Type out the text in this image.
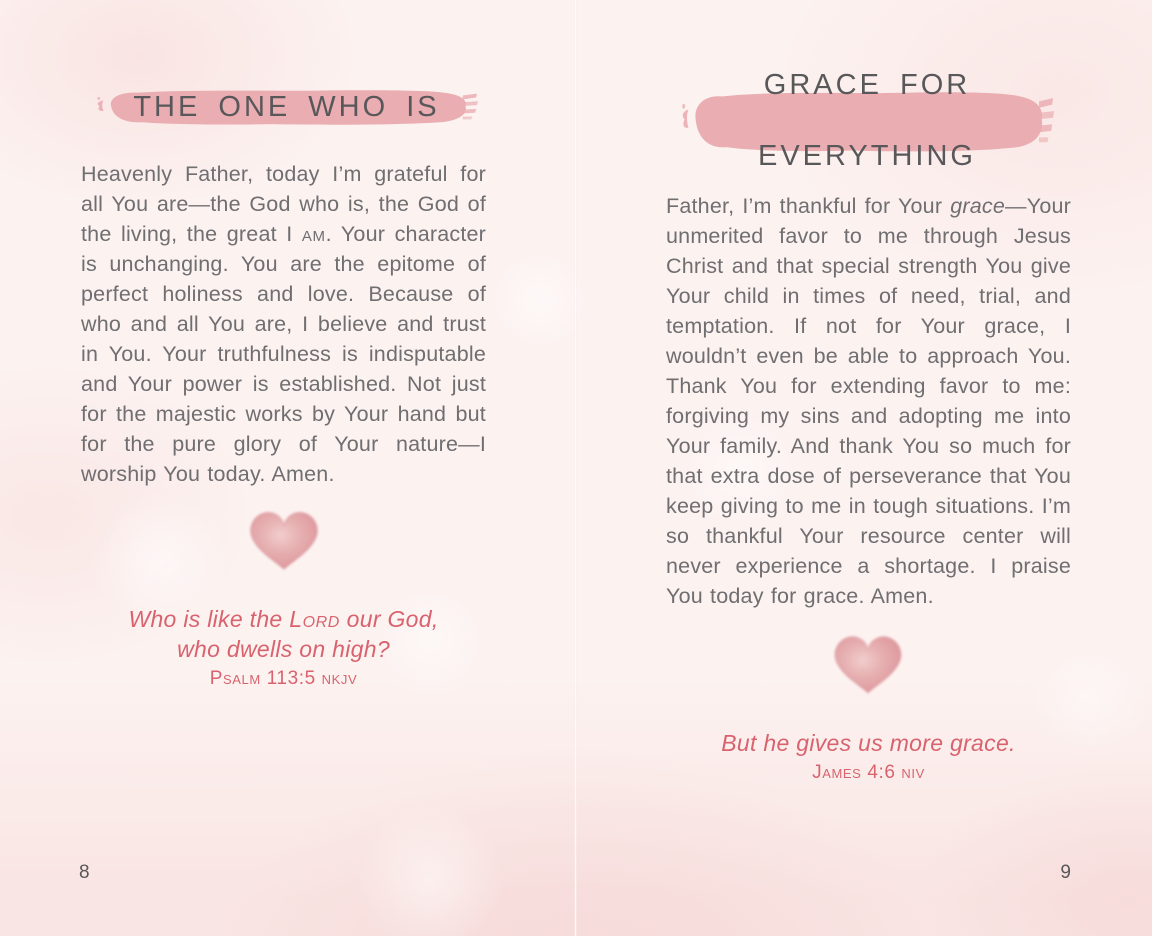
THE ONE WHO IS

Heavenly Father, today I’m grateful for all You are—the God who is, the God of the living, the great I am. Your character is unchanging. You are the epitome of perfect holiness and love. Because of who and all You are, I believe and trust in You. Your truthfulness is indisputable and Your power is established. Not just for the majestic works by Your hand but for the pure glory of Your nature—I worship You today. Amen.

Who is like the Lord our God, who dwells on high?
Psalm 113:5 nkjv
8
GRACE FOR
EVERYTHING

Father, I’m thankful for Your grace—Your unmerited favor to me through Jesus Christ and that special strength You give Your child in times of need, trial, and temptation. If not for Your grace, I wouldn’t even be able to approach You. Thank You for extending favor to me: forgiving my sins and adopting me into Your family. And thank You so much for that extra dose of perseverance that You keep giving to me in tough situations. I’m so thankful Your resource center will never experience a shortage. I praise You today for grace. Amen.

But he gives us more grace.
James 4:6 niv
9
